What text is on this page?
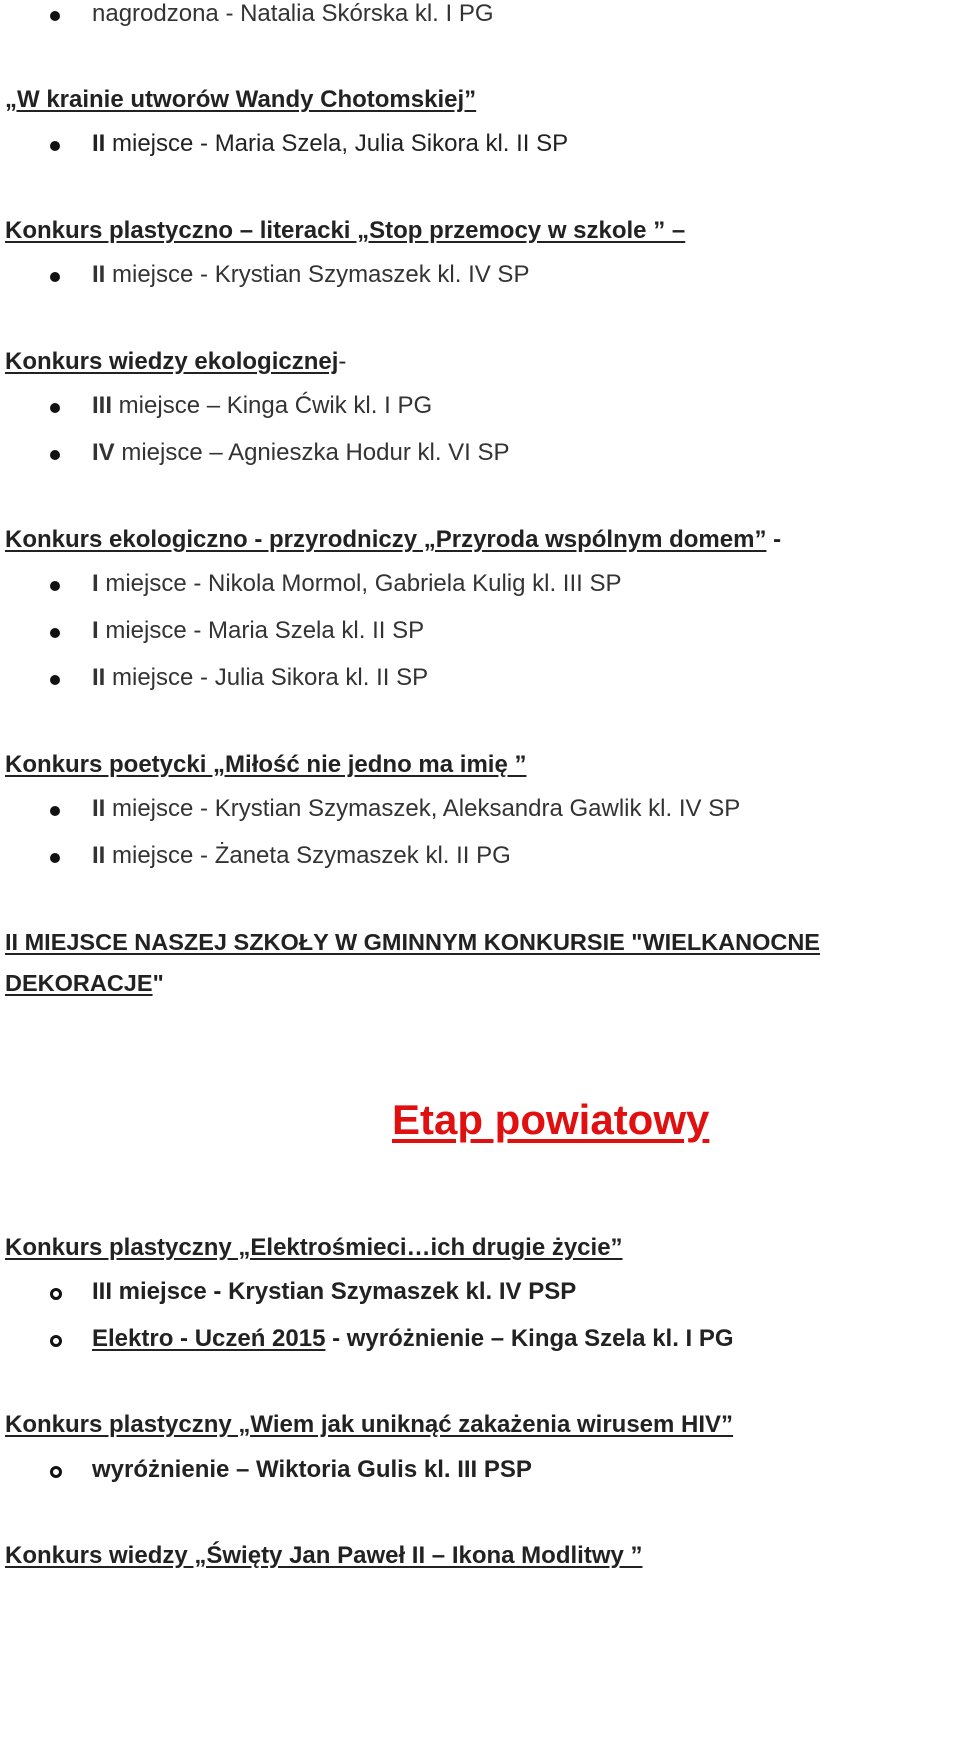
nagrodzona - Natalia Skórska kl. I PG
„W krainie utworów Wandy Chotomskiej”
II miejsce - Maria Szela, Julia Sikora kl. II SP
Konkurs plastyczno – literacki „Stop przemocy w szkole ” –
II miejsce - Krystian Szymaszek kl. IV SP
Konkurs wiedzy ekologicznej-
III miejsce – Kinga Ćwik kl. I PG
IV miejsce – Agnieszka Hodur kl. VI SP
Konkurs ekologiczno - przyrodniczy „Przyroda wspólnym domem” -
I miejsce - Nikola Mormol, Gabriela Kulig kl. III SP
I miejsce - Maria Szela kl. II SP
II miejsce - Julia Sikora kl. II SP
Konkurs poetycki „Miłość nie jedno ma imię ”
II miejsce - Krystian Szymaszek, Aleksandra Gawlik kl. IV SP
II miejsce - Żaneta Szymaszek kl. II PG
II MIEJSCE NASZEJ SZKOŁY W GMINNYM KONKURSIE "WIELKANOCNE
DEKORACJE"
Etap powiatowy
Konkurs plastyczny „Elektrośmieci…ich drugie życie”
III miejsce - Krystian Szymaszek kl. IV PSP
Elektro - Uczeń 2015 - wyróżnienie – Kinga Szela kl. I PG
Konkurs plastyczny „Wiem jak uniknąć zakażenia wirusem HIV”
wyróżnienie – Wiktoria Gulis kl. III PSP
Konkurs wiedzy „Święty Jan Paweł II – Ikona Modlitwy ”
